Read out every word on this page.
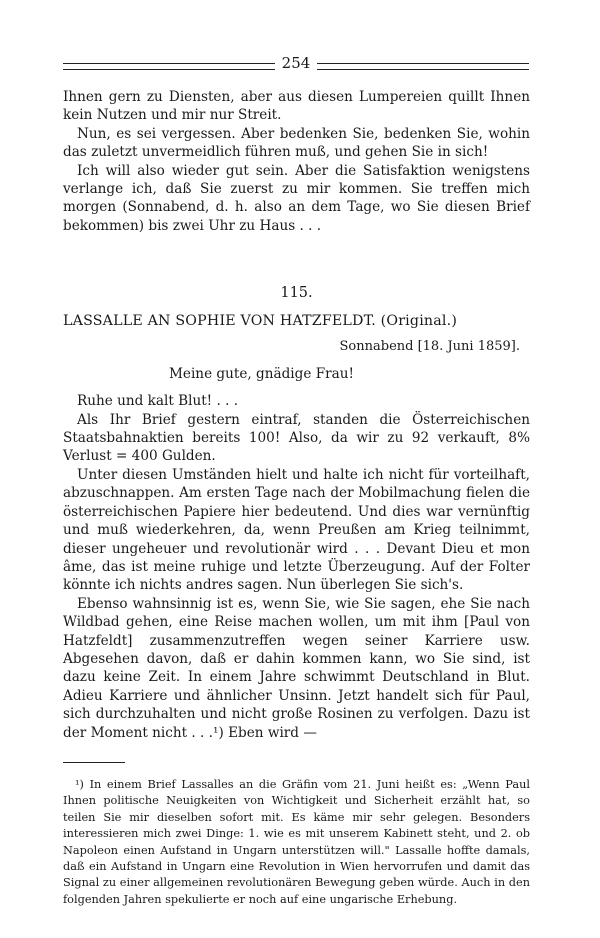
254

Ihnen gern zu Diensten, aber aus diesen Lumpereien quillt Ihnen kein Nutzen und mir nur Streit.

Nun, es sei vergessen. Aber bedenken Sie, bedenken Sie, wohin das zuletzt unvermeidlich führen muß, und gehen Sie in sich!

Ich will also wieder gut sein. Aber die Satisfaktion wenigstens verlange ich, daß Sie zuerst zu mir kommen. Sie treffen mich morgen (Sonnabend, d. h. also an dem Tage, wo Sie diesen Brief bekommen) bis zwei Uhr zu Haus . . .

115.
LASSALLE AN SOPHIE VON HATZFELDT. (Original.)
Sonnabend [18. Juni 1859].
Meine gute, gnädige Frau!

Ruhe und kalt Blut! . . .

Als Ihr Brief gestern eintraf, standen die Österreichischen Staatsbahnaktien bereits 100! Also, da wir zu 92 verkauft, 8% Verlust = 400 Gulden.

Unter diesen Umständen hielt und halte ich nicht für vorteilhaft, abzuschnappen. Am ersten Tage nach der Mobilmachung fielen die österreichischen Papiere hier bedeutend. Und dies war vernünftig und muß wiederkehren, da, wenn Preußen am Krieg teilnimmt, dieser ungeheuer und revolutionär wird . . . Devant Dieu et mon âme, das ist meine ruhige und letzte Überzeugung. Auf der Folter könnte ich nichts andres sagen. Nun überlegen Sie sich's.

Ebenso wahnsinnig ist es, wenn Sie, wie Sie sagen, ehe Sie nach Wildbad gehen, eine Reise machen wollen, um mit ihm [Paul von Hatzfeldt] zusammenzutreffen wegen seiner Karriere usw. Abgesehen davon, daß er dahin kommen kann, wo Sie sind, ist dazu keine Zeit. In einem Jahre schwimmt Deutschland in Blut. Adieu Karriere und ähnlicher Unsinn. Jetzt handelt sich für Paul, sich durchzuhalten und nicht große Rosinen zu verfolgen. Dazu ist der Moment nicht . . .¹) Eben wird —

¹) In einem Brief Lassalles an die Gräfin vom 21. Juni heißt es: „Wenn Paul Ihnen politische Neuigkeiten von Wichtigkeit und Sicherheit erzählt hat, so teilen Sie mir dieselben sofort mit. Es käme mir sehr gelegen. Besonders interessieren mich zwei Dinge: 1. wie es mit unserem Kabinett steht, und 2. ob Napoleon einen Aufstand in Ungarn unterstützen will." Lassalle hoffte damals, daß ein Aufstand in Ungarn eine Revolution in Wien hervorrufen und damit das Signal zu einer allgemeinen revolutionären Bewegung geben würde. Auch in den folgenden Jahren spekulierte er noch auf eine ungarische Erhebung.
